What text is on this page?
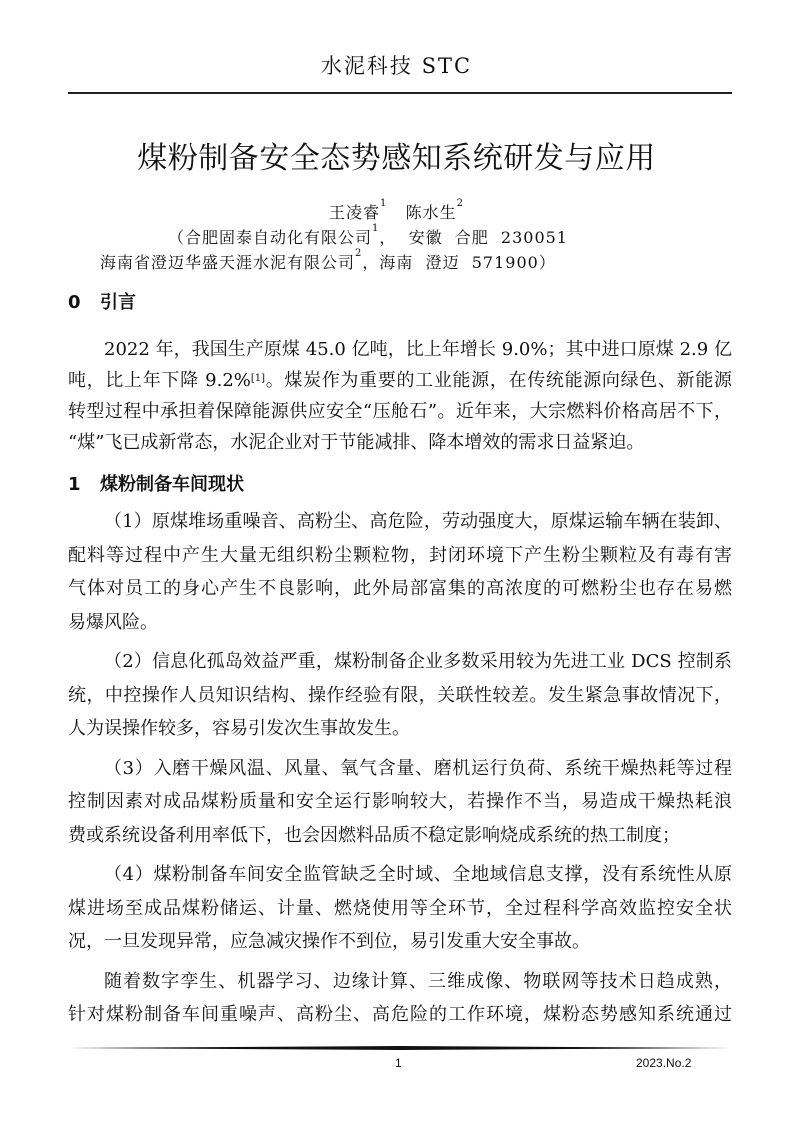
水泥科技 STC
煤粉制备安全态势感知系统研发与应用
王凌睿$^1$ 陈水生$^2$
（合肥固泰自动化有限公司$^1$，  安徽  合肥  230051
海南省澄迈华盛天涯水泥有限公司$^2$，海南  澄迈  571900）
0 引言
2022 年，我国生产原煤 45.0 亿吨，比上年增长 9.0%；其中进口原煤 2.9 亿
吨，比上年下降 9.2%[1]。煤炭作为重要的工业能源，在传统能源向绿色、新能源
转型过程中承担着保障能源供应安全“压舱石”。近年来，大宗燃料价格高居不下，
“煤”飞已成新常态，水泥企业对于节能减排、降本增效的需求日益紧迫。
1 煤粉制备车间现状
（1）原煤堆场重噪音、高粉尘、高危险，劳动强度大，原煤运输车辆在装卸、
配料等过程中产生大量无组织粉尘颗粒物，封闭环境下产生粉尘颗粒及有毒有害
气体对员工的身心产生不良影响，此外局部富集的高浓度的可燃粉尘也存在易燃
易爆风险。
（2）信息化孤岛效益严重，煤粉制备企业多数采用较为先进工业 DCS 控制系
统，中控操作人员知识结构、操作经验有限，关联性较差。发生紧急事故情况下，
人为误操作较多，容易引发次生事故发生。
（3）入磨干燥风温、风量、氧气含量、磨机运行负荷、系统干燥热耗等过程
控制因素对成品煤粉质量和安全运行影响较大，若操作不当，易造成干燥热耗浪
费或系统设备利用率低下，也会因燃料品质不稳定影响烧成系统的热工制度；
（4）煤粉制备车间安全监管缺乏全时域、全地域信息支撑，没有系统性从原
煤进场至成品煤粉储运、计量、燃烧使用等全环节，全过程科学高效监控安全状
况，一旦发现异常，应急减灾操作不到位，易引发重大安全事故。
随着数字孪生、机器学习、边缘计算、三维成像、物联网等技术日趋成熟，
针对煤粉制备车间重噪声、高粉尘、高危险的工作环境，煤粉态势感知系统通过
1	2023.No.2
